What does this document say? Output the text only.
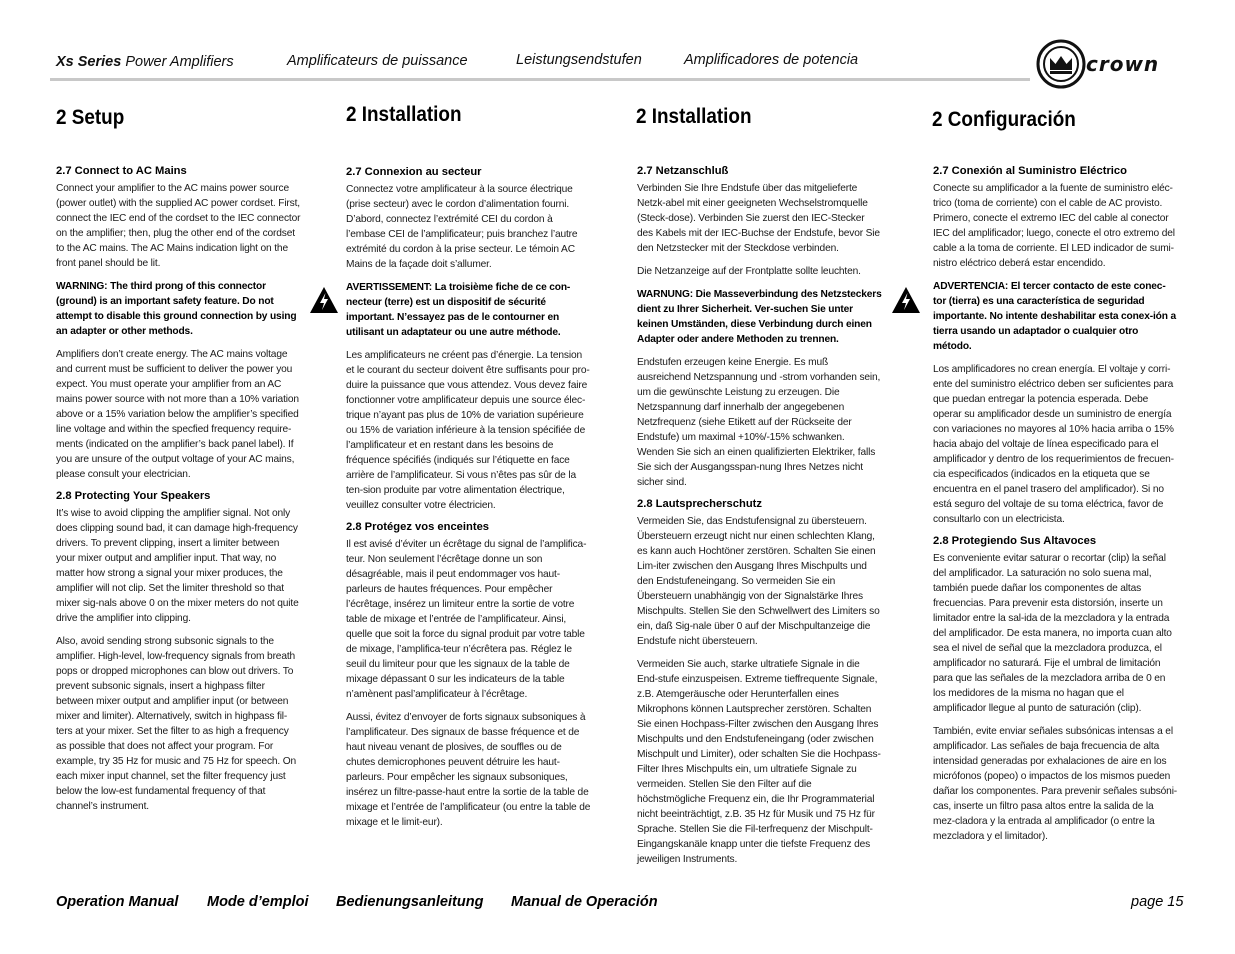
Xs Series Power Amplifiers	Amplificateurs de puissance	Leistungsendstufen	Amplificadores de potencia	crown
2 Setup	2 Installation	2 Installation	2 Configuración
2.7 Connect to AC Mains

Connect your amplifier to the AC mains power source (power outlet) with the supplied AC power cordset. First, connect the IEC end of the cordset to the IEC connector on the amplifier; then, plug the other end of the cordset to the AC mains. The AC Mains indication light on the front panel should be lit.

WARNING: The third prong of this connector (ground) is an important safety feature. Do not attempt to disable this ground connection by using an adapter or other methods.

Amplifiers don’t create energy. The AC mains voltage and current must be sufficient to deliver the power you expect. You must operate your amplifier from an AC mains power source with not more than a 10% variation above or a 15% variation below the amplifier’s specified line voltage and within the specfied frequency require-ments (indicated on the amplifier’s back panel label). If you are unsure of the output voltage of your AC mains, please consult your electrician.

2.8 Protecting Your Speakers

It’s wise to avoid clipping the amplifier signal. Not only does clipping sound bad, it can damage high-frequency drivers. To prevent clipping, insert a limiter between your mixer output and amplifier input. That way, no matter how strong a signal your mixer produces, the amplifier will not clip. Set the limiter threshold so that mixer sig-nals above 0 on the mixer meters do not quite drive the amplifier into clipping.

Also, avoid sending strong subsonic signals to the amplifier. High-level, low-frequency signals from breath pops or dropped microphones can blow out drivers. To prevent subsonic signals, insert a highpass filter between mixer output and amplifier input (or between mixer and limiter). Alternatively, switch in highpass fil-ters at your mixer. Set the filter to as high a frequency as possible that does not affect your program. For example, try 35 Hz for music and 75 Hz for speech. On each mixer input channel, set the filter frequency just below the low-est fundamental frequency of that channel’s instrument.

2.7 Connexion au secteur

Connectez votre amplificateur à la source électrique (prise secteur) avec le cordon d’alimentation fourni. D’abord, connectez l’extrémité CEI du cordon à l’embase CEI de l’amplificateur; puis branchez l’autre extrémité du cordon à la prise secteur. Le témoin AC Mains de la façade doit s’allumer.

AVERTISSEMENT: La troisième fiche de ce con-necteur (terre) est un dispositif de sécurité important. N’essayez pas de le contourner en utilisant un adaptateur ou une autre méthode.

Les amplificateurs ne créent pas d’énergie. La tension et le courant du secteur doivent être suffisants pour pro-duire la puissance que vous attendez. Vous devez faire fonctionner votre amplificateur depuis une source élec-trique n’ayant pas plus de 10% de variation supérieure ou 15% de variation inférieure à la tension spécifiée de l’amplificateur et en restant dans les besoins de fréquence spécifiés (indiqués sur l’étiquette en face arrière de l’amplificateur. Si vous n’êtes pas sûr de la ten-sion produite par votre alimentation électrique, veuillez consulter votre électricien.

2.8 Protégez vos enceintes

Il est avisé d’éviter un écrêtage du signal de l’amplifica-teur. Non seulement l’écrêtage donne un son désagréable, mais il peut endommager vos haut-parleurs de hautes fréquences. Pour empêcher l’écrêtage, insérez un limiteur entre la sortie de votre table de mixage et l’entrée de l’amplificateur. Ainsi, quelle que soit la force du signal produit par votre table de mixage, l’amplifica-teur n’écrêtera pas. Réglez le seuil du limiteur pour que les signaux de la table de mixage dépassant 0 sur les indicateurs de la table n’amènent pasl’amplificateur à l’écrêtage.

Aussi, évitez d’envoyer de forts signaux subsoniques à l’amplificateur. Des signaux de basse fréquence et de haut niveau venant de plosives, de souffles ou de chutes demicrophones peuvent détruire les haut-parleurs. Pour empêcher les signaux subsoniques, insérez un filtre-passe-haut entre la sortie de la table de mixage et l’entrée de l’amplificateur (ou entre la table de mixage et le limit-eur).

2.7 Netzanschluß

Verbinden Sie Ihre Endstufe über das mitgelieferte Netzk-abel mit einer geeigneten Wechselstromquelle (Steck-dose). Verbinden Sie zuerst den IEC-Stecker des Kabels mit der IEC-Buchse der Endstufe, bevor Sie den Netzstecker mit der Steckdose verbinden.

Die Netzanzeige auf der Frontplatte sollte leuchten.

WARNUNG: Die Masseverbindung des Netzsteckers dient zu Ihrer Sicherheit. Ver-suchen Sie unter keinen Umständen, diese Verbindung durch einen Adapter oder andere Methoden zu trennen.

Endstufen erzeugen keine Energie. Es muß ausreichend Netzspannung und -strom vorhanden sein, um die gewünschte Leistung zu erzeugen. Die Netzspannung darf innerhalb der angegebenen Netzfrequenz (siehe Etikett auf der Rückseite der Endstufe) um maximal +10%/-15% schwanken. Wenden Sie sich an einen qualifizierten Elektriker, falls Sie sich der Ausgangsspan-nung Ihres Netzes nicht sicher sind.

2.8 Lautsprecherschutz

Vermeiden Sie, das Endstufensignal zu übersteuern. Übersteuern erzeugt nicht nur einen schlechten Klang, es kann auch Hochtöner zerstören. Schalten Sie einen Lim-iter zwischen den Ausgang Ihres Mischpults und den Endstufeneingang. So vermeiden Sie ein Übersteuern unabhängig von der Signalstärke Ihres Mischpults. Stellen Sie den Schwellwert des Limiters so ein, daß Sig-nale über 0 auf der Mischpultanzeige die Endstufe nicht übersteuern.

Vermeiden Sie auch, starke ultratiefe Signale in die End-stufe einzuspeisen. Extreme tieffrequente Signale, z.B. Atemgeräusche oder Herunterfallen eines Mikrophons können Lautsprecher zerstören. Schalten Sie einen Hochpass-Filter zwischen den Ausgang Ihres Mischpults und den Endstufeneingang (oder zwischen Mischpult und Limiter), oder schalten Sie die Hochpass-Filter Ihres Mischpults ein, um ultratiefe Signale zu vermeiden. Stellen Sie den Filter auf die höchstmögliche Frequenz ein, die Ihr Programmaterial nicht beeinträchtigt, z.B. 35 Hz für Musik und 75 Hz für Sprache. Stellen Sie die Fil-terfrequenz der Mischpult-Eingangskanäle knapp unter die tiefste Frequenz des jeweiligen Instruments.

2.7 Conexión al Suministro Eléctrico

Conecte su amplificador a la fuente de suministro eléc-trico (toma de corriente) con el cable de AC provisto. Primero, conecte el extremo IEC del cable al conector IEC del amplificador; luego, conecte el otro extremo del cable a la toma de corriente. El LED indicador de sumi-nistro eléctrico deberá estar encendido.

ADVERTENCIA: El tercer contacto de este conec-tor (tierra) es una característica de seguridad importante. No intente deshabilitar esta conex-ión a tierra usando un adaptador o cualquier otro método.

Los amplificadores no crean energía. El voltaje y corri-ente del suministro eléctrico deben ser suficientes para que puedan entregar la potencia esperada. Debe operar su amplificador desde un suministro de energía con variaciones no mayores al 10% hacia arriba o 15% hacia abajo del voltaje de línea especificado para el amplificador y dentro de los requerimientos de frecuen-cia especificados (indicados en la etiqueta que se encuentra en el panel trasero del amplificador). Si no está seguro del voltaje de su toma eléctrica, favor de consultarlo con un electricista.

2.8 Protegiendo Sus Altavoces

Es conveniente evitar saturar o recortar (clip) la señal del amplificador. La saturación no solo suena mal, también puede dañar los componentes de altas frecuencias. Para prevenir esta distorsión, inserte un limitador entre la sal-ida de la mezcladora y la entrada del amplificador. De esta manera, no importa cuan alto sea el nivel de señal que la mezcladora produzca, el amplificador no saturará. Fije el umbral de limitación para que las señales de la mezcladora arriba de 0 en los medidores de la misma no hagan que el amplificador llegue al punto de saturación (clip).

También, evite enviar señales subsónicas intensas a el amplificador. Las señales de baja frecuencia de alta intensidad generadas por exhalaciones de aire en los micrófonos (popeo) o impactos de los mismos pueden dañar los componentes. Para prevenir señales subsóni-cas, inserte un filtro pasa altos entre la salida de la mez-cladora y la entrada al amplificador (o entre la mezcladora y el limitador).

Operation Manual Mode d’emploi Bedienungsanleitung Manual de Operación	page 15
